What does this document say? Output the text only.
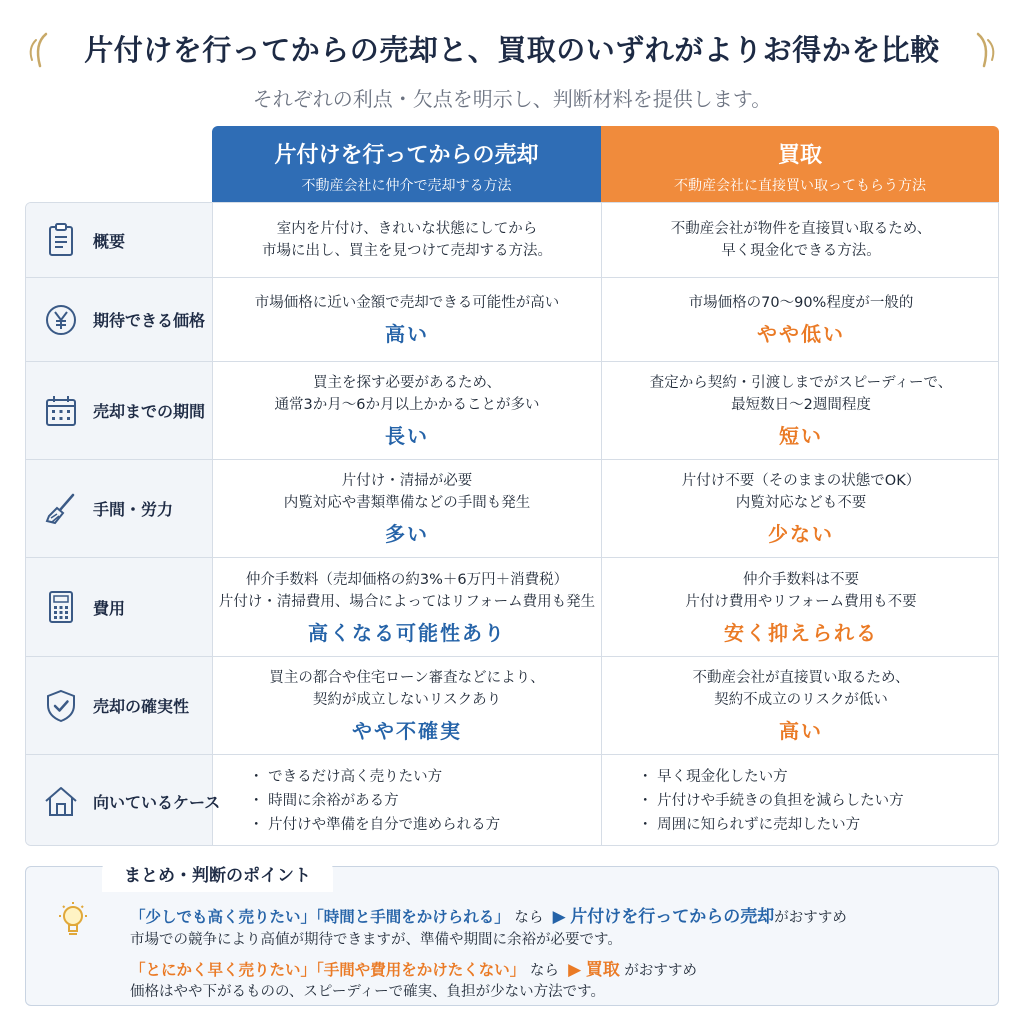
片付けを行ってからの売却と、買取のいずれがよりお得かを比較
それぞれの利点・欠点を明示し、判断材料を提供します。
片付けを行ってからの売却
不動産会社に仲介で売却する方法
買取
不動産会社に直接買い取ってもらう方法
概要
室内を片付け、きれいな状態にしてから
市場に出し、買主を見つけて売却する方法。
不動産会社が物件を直接買い取るため、
早く現金化できる方法。
期待できる価格
市場価格に近い金額で売却できる可能性が高い
高い
市場価格の70〜90%程度が一般的
やや低い
売却までの期間
買主を探す必要があるため、
通常3か月〜6か月以上かかることが多い
長い
査定から契約・引渡しまでがスピーディーで、
最短数日〜2週間程度
短い
手間・労力
片付け・清掃が必要
内覧対応や書類準備などの手間も発生
多い
片付け不要（そのままの状態でOK）
内覧対応なども不要
少ない
費用
仲介手数料（売却価格の約3%＋6万円＋消費税）
片付け・清掃費用、場合によってはリフォーム費用も発生
高くなる可能性あり
仲介手数料は不要
片付け費用やリフォーム費用も不要
安く抑えられる
売却の確実性
買主の都合や住宅ローン審査などにより、
契約が成立しないリスクあり
やや不確実
不動産会社が直接買い取るため、
契約不成立のリスクが低い
高い
向いているケース
・ できるだけ高く売りたい方
・ 時間に余裕がある方
・ 片付けや準備を自分で進められる方
・ 早く現金化したい方
・ 片付けや手続きの負担を減らしたい方
・ 周囲に知られずに売却したい方
まとめ・判断のポイント
「少しでも高く売りたい」「時間と手間をかけられる」 なら ▶ 片付けを行ってからの売却がおすすめ
市場での競争により高値が期待できますが、準備や期間に余裕が必要です。
「とにかく早く売りたい」「手間や費用をかけたくない」 なら ▶ 買取 がおすすめ
価格はやや下がるものの、スピーディーで確実、負担が少ない方法です。
